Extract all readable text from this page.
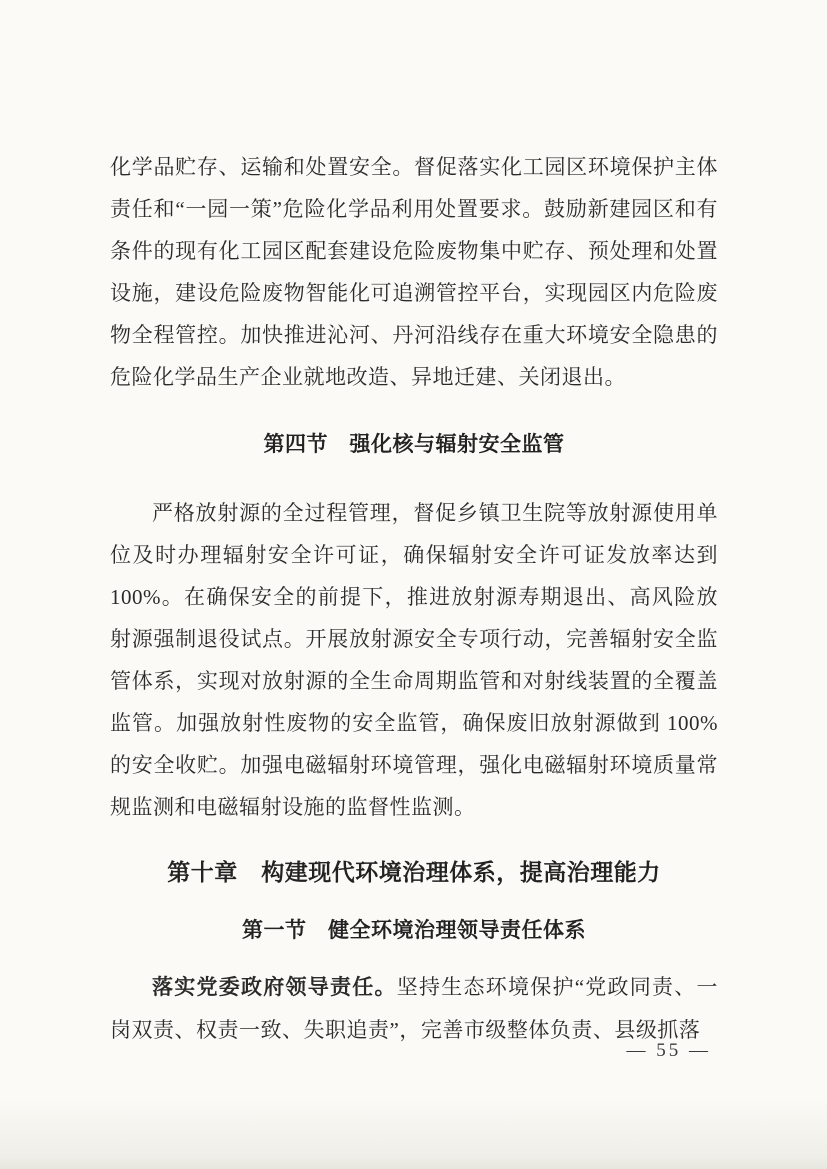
化学品贮存、运输和处置安全。督促落实化工园区环境保护主体责任和“一园一策”危险化学品利用处置要求。鼓励新建园区和有条件的现有化工园区配套建设危险废物集中贮存、预处理和处置设施，建设危险废物智能化可追溯管控平台，实现园区内危险废物全程管控。加快推进沁河、丹河沿线存在重大环境安全隐患的危险化学品生产企业就地改造、异地迁建、关闭退出。

第四节　强化核与辐射安全监管

严格放射源的全过程管理，督促乡镇卫生院等放射源使用单位及时办理辐射安全许可证，确保辐射安全许可证发放率达到100%。在确保安全的前提下，推进放射源寿期退出、高风险放射源强制退役试点。开展放射源安全专项行动，完善辐射安全监管体系，实现对放射源的全生命周期监管和对射线装置的全覆盖监管。加强放射性废物的安全监管，确保废旧放射源做到 100%的安全收贮。加强电磁辐射环境管理，强化电磁辐射环境质量常规监测和电磁辐射设施的监督性监测。

第十章　构建现代环境治理体系，提高治理能力
第一节　健全环境治理领导责任体系

落实党委政府领导责任。坚持生态环境保护“党政同责、一岗双责、权责一致、失职追责”，完善市级整体负责、县级抓落

— 55 —
